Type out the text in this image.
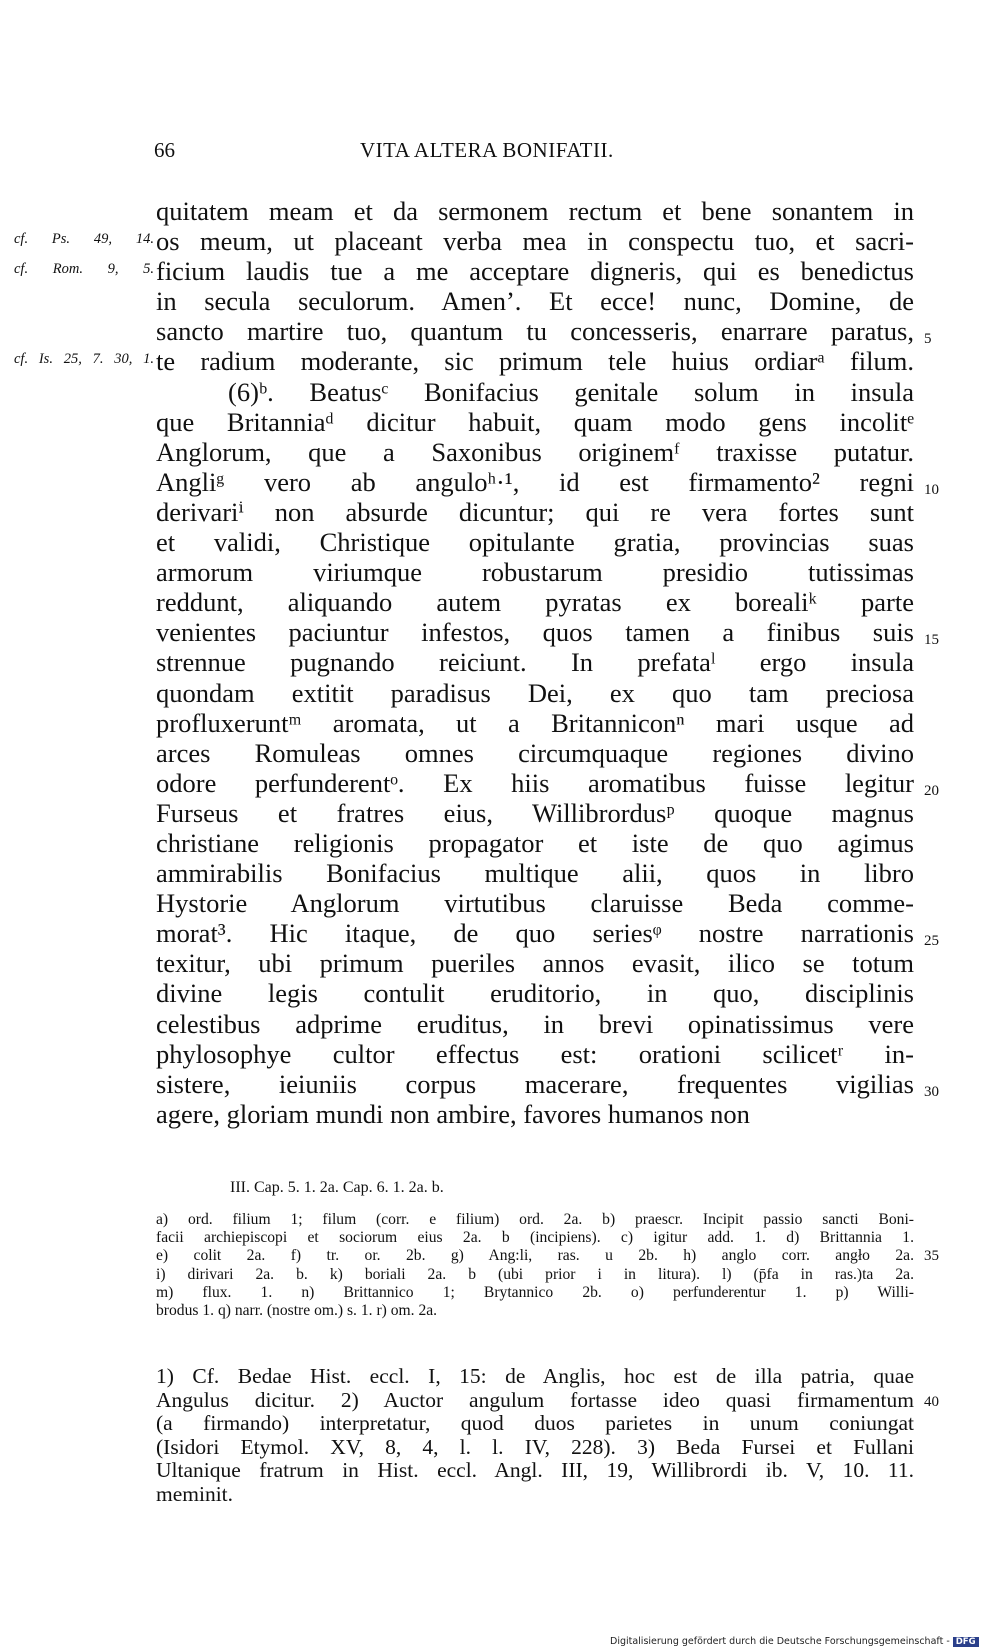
66	VITA ALTERA BONIFATII.
quitatem meam et da sermonem rectum et bene sonantem in
os meum, ut placeant verba mea in conspectu tuo, et sacri-
cf. Ps. 49, 14.
ficium laudis tue a me acceptare digneris, qui es benedictus
cf. Rom. 9, 5.
in secula seculorum. Amen’. Et ecce! nunc, Domine, de
sancto martire tuo, quantum tu concesseris, enarrare paratus, 5
te radium moderante, sic primum tele huius ordiarᵃ filum.
cf. Is. 25, 7. 30, 1.
(6)ᵇ. Beatusᶜ Bonifacius genitale solum in insula
que Britanniaᵈ dicitur habuit, quam modo gens incolitᵉ
Anglorum, que a Saxonibus originemᶠ traxisse putatur.
Angliᵍ vero ab anguloʰ·¹, id est firmamento² regni 10
derivariⁱ non absurde dicuntur; qui re vera fortes sunt
et validi, Christique opitulante gratia, provincias suas
armorum viriumque robustarum presidio tutissimas
reddunt, aliquando autem pyratas ex borealiᵏ parte
venientes paciuntur infestos, quos tamen a finibus suis 15
strennue pugnando reiciunt. In prefataˡ ergo insula
quondam extitit paradisus Dei, ex quo tam preciosa
profluxeruntᵐ aromata, ut a Britanniconⁿ mari usque ad
arces Romuleas omnes circumquaque regiones divino
odore perfunderentᵒ. Ex hiis aromatibus fuisse legitur 20
Furseus et fratres eius, Willibrordusᵖ quoque magnus
christiane religionis propagator et iste de quo agimus
ammirabilis Bonifacius multique alii, quos in libro
Hystorie Anglorum virtutibus claruisse Beda comme-
morat³. Hic itaque, de quo seriesᵠ nostre narrationis 25
texitur, ubi primum pueriles annos evasit, ilico se totum
divine legis contulit eruditorio, in quo, disciplinis
celestibus adprime eruditus, in brevi opinatissimus vere
phylosophye cultor effectus est: orationi scilicetʳ in-
sistere, ieiuniis corpus macerare, frequentes vigilias 30
agere, gloriam mundi non ambire, favores humanos non
III. Cap. 5. 1. 2a. Cap. 6. 1. 2a. b.
a) ord. filium 1; filum (corr. e filium) ord. 2a. b) praescr. Incipit passio sancti Boni-
facii archiepiscopi et sociorum eius 2a. b (incipiens). c) igitur add. 1. d) Brittannia 1.
e) colit 2a. f) tr. or. 2b. g) Ang:li, ras. u 2b. h) anglo corr. angło 2a. 35
i) dirivari 2a. b. k) boriali 2a. b (ubi prior i in litura). l) (p̄fa in ras.)ta 2a.
m) flux. 1. n) Brittannico 1; Brytannico 2b. o) perfunderentur 1. p) Willi-
brodus 1. q) narr. (nostre om.) s. 1. r) om. 2a.
1) Cf. Bedae Hist. eccl. I, 15: de Anglis, hoc est de illa patria, quae
Angulus dicitur. 2) Auctor angulum fortasse ideo quasi firmamentum 40
(a firmando) interpretatur, quod duos parietes in unum coniungat
(Isidori Etymol. XV, 8, 4, l. l. IV, 228). 3) Beda Fursei et Fullani
Ultanique fratrum in Hist. eccl. Angl. III, 19, Willibrordi ib. V, 10. 11.
meminit.
Digitalisierung gefördert durch die Deutsche Forschungsgemeinschaft - DFG
